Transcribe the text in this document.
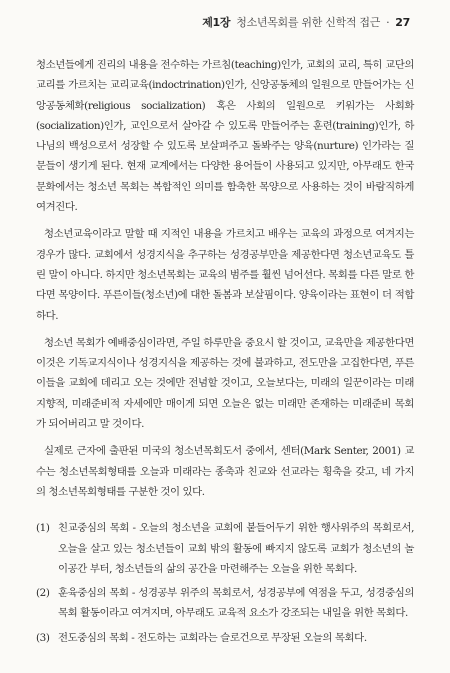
제1장 청소년목회를 위한 신학적 접근 · 27

청소년들에게 진리의 내용을 전수하는 가르침(teaching)인가, 교회의 교리, 특히 교단의 교리를 가르치는 교리교육(indoctrination)인가, 신앙공동체의 일원으로 만들어가는 신앙공동체화(religious socialization) 혹은 사회의 일원으로 키워가는 사회화(socialization)인가, 교인으로서 살아갈 수 있도록 만들어주는 훈련(training)인가, 하나님의 백성으로서 성장할 수 있도록 보살펴주고 돌봐주는 양육(nurture) 인가라는 질문들이 생기게 된다. 현재 교계에서는 다양한 용어들이 사용되고 있지만, 아무래도 한국문화에서는 청소년 목회는 복합적인 의미를 함축한 목양으로 사용하는 것이 바람직하게 여겨진다.

청소년교육이라고 말할 때 지적인 내용을 가르치고 배우는 교육의 과정으로 여겨지는 경우가 많다. 교회에서 성경지식을 추구하는 성경공부만을 제공한다면 청소년교육도 틀린 말이 아니다. 하지만 청소년목회는 교육의 범주를 훨씬 넘어선다. 목회를 다른 말로 한다면 목양이다. 푸른이들(청소년)에 대한 돌봄과 보살핌이다. 양육이라는 표현이 더 적합하다.

청소년 목회가 예배중심이라면, 주일 하루만을 중요시 할 것이고, 교육만을 제공한다면 이것은 기독교지식이나 성경지식을 제공하는 것에 불과하고, 전도만을 고집한다면, 푸른이들을 교회에 데리고 오는 것에만 전념할 것이고, 오늘보다는, 미래의 일꾼이라는 미래지향적, 미래준비적 자세에만 매이게 되면 오늘은 없는 미래만 존재하는 미래준비 목회가 되어버리고 말 것이다.

실제로 근자에 출판된 미국의 청소년목회도서 중에서, 센터(Mark Senter, 2001) 교수는 청소년목회형태를 오늘과 미래라는 종축과 친교와 선교라는 횡축을 갖고, 네 가지의 청소년목회형태를 구분한 것이 있다.

(1) 친교중심의 목회 - 오늘의 청소년을 교회에 붙들어두기 위한 행사위주의 목회로서, 오늘을 살고 있는 청소년들이 교회 밖의 활동에 빠지지 않도록 교회가 청소년의 놀이공간 부터, 청소년들의 삶의 공간을 마련해주는 오늘을 위한 목회다.
(2) 훈육중심의 목회 - 성경공부 위주의 목회로서, 성경공부에 역점을 두고, 성경중심의 목회 활동이라고 여겨지며, 아무래도 교육적 요소가 강조되는 내일을 위한 목회다.
(3) 전도중심의 목회 - 전도하는 교회라는 슬로건으로 무장된 오늘의 목회다.
